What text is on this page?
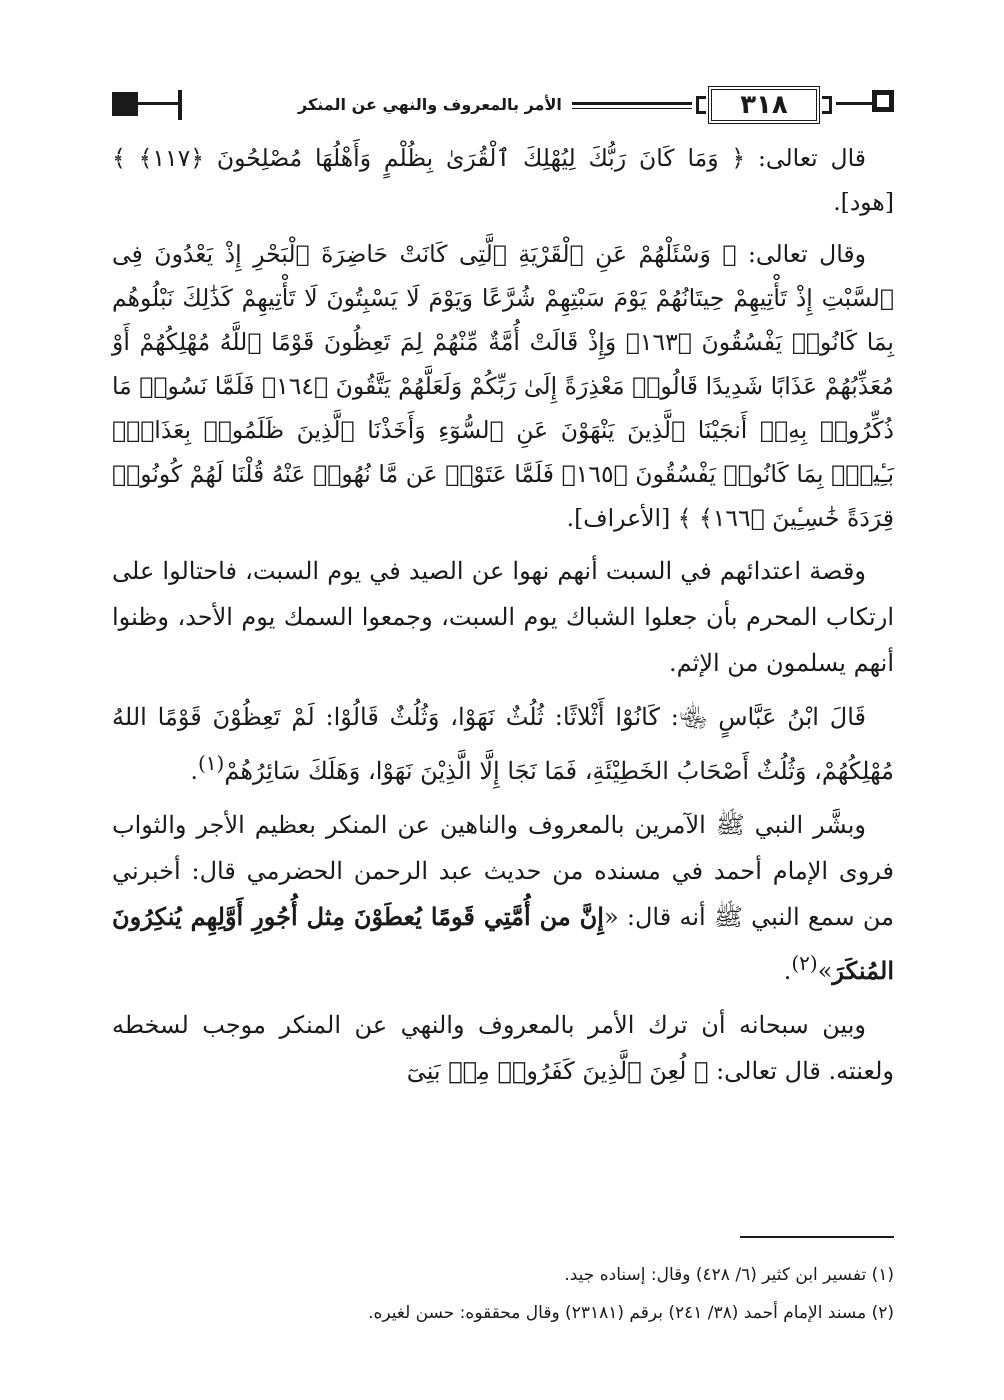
الأمر بالمعروف والنهي عن المنكر	٣١٨

قال تعالى: ﴿ وَمَا كَانَ رَبُّكَ لِيُهْلِكَ ٱلْقُرَىٰ بِظُلْمٍ وَأَهْلُهَا مُصْلِحُونَ ﴿١١٧﴾ ﴾ [هود].

وقال تعالى: ﴿ وَسْئَلْهُمْ عَنِ ٱلْقَرْيَةِ ٱلَّتِى كَانَتْ حَاضِرَةَ ٱلْبَحْرِ إِذْ يَعْدُونَ فِى ٱلسَّبْتِ إِذْ تَأْتِيهِمْ حِيتَانُهُمْ يَوْمَ سَبْتِهِمْ شُرَّعًا وَيَوْمَ لَا يَسْبِتُونَ لَا تَأْتِيهِمْ كَذَٰلِكَ نَبْلُوهُم بِمَا كَانُوا۟ يَفْسُقُونَ ﴿١٦٣﴾ وَإِذْ قَالَتْ أُمَّةٌ مِّنْهُمْ لِمَ تَعِظُونَ قَوْمًا ٱللَّهُ مُهْلِكُهُمْ أَوْ مُعَذِّبُهُمْ عَذَابًا شَدِيدًا قَالُوا۟ مَعْذِرَةً إِلَىٰ رَبِّكُمْ وَلَعَلَّهُمْ يَتَّقُونَ ﴿١٦٤﴾ فَلَمَّا نَسُوا۟ مَا ذُكِّرُوا۟ بِهِۦٓ أَنجَيْنَا ٱلَّذِينَ يَنْهَوْنَ عَنِ ٱلسُّوٓءِ وَأَخَذْنَا ٱلَّذِينَ ظَلَمُوا۟ بِعَذَابٍۭ بَـِٔيسٍۭ بِمَا كَانُوا۟ يَفْسُقُونَ ﴿١٦٥﴾ فَلَمَّا عَتَوْا۟ عَن مَّا نُهُوا۟ عَنْهُ قُلْنَا لَهُمْ كُونُوا۟ قِرَدَةً خَٰسِـِٔينَ ﴿١٦٦﴾ ﴾ [الأعراف].

وقصة اعتدائهم في السبت أنهم نهوا عن الصيد في يوم السبت، فاحتالوا على ارتكاب المحرم بأن جعلوا الشباك يوم السبت، وجمعوا السمك يوم الأحد، وظنوا أنهم يسلمون من الإثم.

قَالَ ابْنُ عَبَّاسٍ ﵄: كَانُوْا أَثْلاثًا: ثُلُثٌ نَهَوْا، وَثُلُثٌ قَالُوْا: لَمْ تَعِظُوْنَ قَوْمًا اللهُ مُهْلِكُهُمْ، وَثُلُثٌ أَصْحَابُ الخَطِيْئَةِ، فَمَا نَجَا إِلَّا الَّذِيْنَ نَهَوْا، وَهَلَكَ سَائِرُهُمْ$^{(١)}$.

وبشَّر النبي ﷺ الآمرين بالمعروف والناهين عن المنكر بعظيم الأجر والثواب فروى الإمام أحمد في مسنده من حديث عبد الرحمن الحضرمي قال: أخبرني من سمع النبي ﷺ أنه قال: «إِنَّ من أُمَّتِي قَومًا يُعطَوْنَ مِثل أُجُورِ أَوَّلِهِم يُنكِرُونَ المُنكَرَ»$^{(٢)}$.

وبين سبحانه أن ترك الأمر بالمعروف والنهي عن المنكر موجب لسخطه ولعنته. قال تعالى: ﴿ لُعِنَ ٱلَّذِينَ كَفَرُوا۟ مِنۢ بَنِىٓ

(١) تفسير ابن كثير (٦/ ٤٢٨) وقال: إسناده جيد.

(٢) مسند الإمام أحمد (٣٨/ ٢٤١) برقم (٢٣١٨١) وقال محققوه: حسن لغيره.
